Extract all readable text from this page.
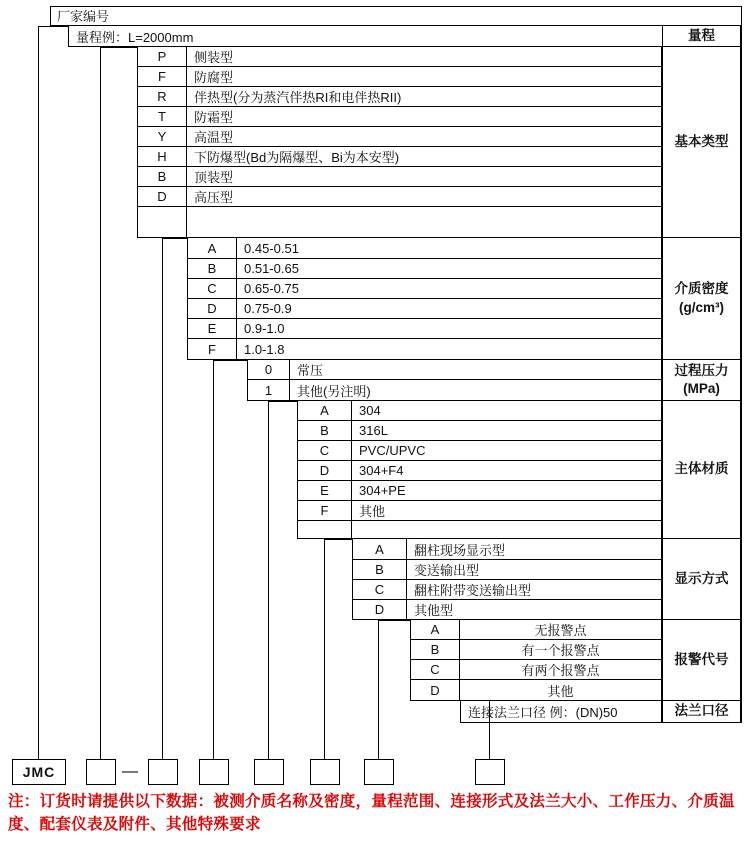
厂家编号
量程例：L=2000mm	量程
P	侧装型
F	防腐型
R	伴热型(分为蒸汽伴热RI和电伴热RII)
T	防霜型
Y	高温型
H	下防爆型(Bd为隔爆型、Bi为本安型)
B	顶装型
D	高压型
基本类型
A	0.45-0.51
B	0.51-0.65
C	0.65-0.75
D	0.75-0.9
E	0.9-1.0
F	1.0-1.8
介质密度
(g/cm³)
0	常压
1	其他(另注明)
过程压力
(MPa)
A	304
B	316L
C	PVC/UPVC
D	304+F4
E	304+PE
F	其他
主体材质
A	翻柱现场显示型
B	变送输出型
C	翻柱附带变送输出型
D	其他型
显示方式
A	无报警点
B	有一个报警点
C	有两个报警点
D	其他
报警代号
连接法兰口径 例：(DN)50	法兰口径
JMC	—
注：订货时请提供以下数据：被测介质名称及密度，量程范围、连接形式及法兰大小、工作压力、介质温度、配套仪表及附件、其他特殊要求
